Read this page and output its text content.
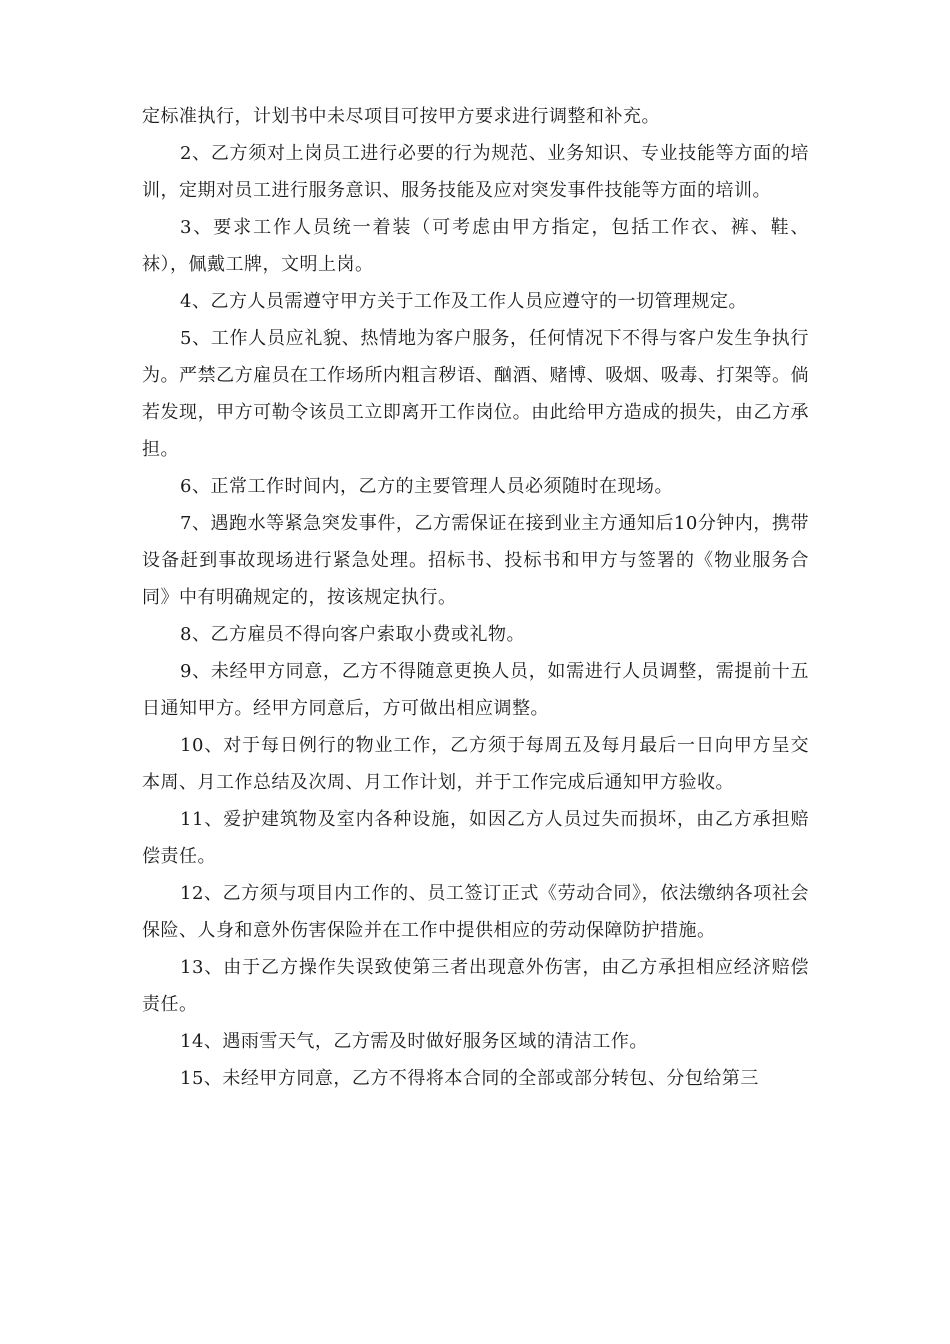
定标准执行，计划书中未尽项目可按甲方要求进行调整和补充。

2、乙方须对上岗员工进行必要的行为规范、业务知识、专业技能等方面的培训，定期对员工进行服务意识、服务技能及应对突发事件技能等方面的培训。

3、要求工作人员统一着装（可考虑由甲方指定，包括工作衣、裤、鞋、袜），佩戴工牌，文明上岗。

4、乙方人员需遵守甲方关于工作及工作人员应遵守的一切管理规定。

5、工作人员应礼貌、热情地为客户服务，任何情况下不得与客户发生争执行为。严禁乙方雇员在工作场所内粗言秽语、酗酒、赌博、吸烟、吸毒、打架等。倘若发现，甲方可勒令该员工立即离开工作岗位。由此给甲方造成的损失，由乙方承担。

6、正常工作时间内，乙方的主要管理人员必须随时在现场。

7、遇跑水等紧急突发事件，乙方需保证在接到业主方通知后10分钟内，携带设备赶到事故现场进行紧急处理。招标书、投标书和甲方与签署的《物业服务合同》中有明确规定的，按该规定执行。

8、乙方雇员不得向客户索取小费或礼物。

9、未经甲方同意，乙方不得随意更换人员，如需进行人员调整，需提前十五日通知甲方。经甲方同意后，方可做出相应调整。

10、对于每日例行的物业工作，乙方须于每周五及每月最后一日向甲方呈交本周、月工作总结及次周、月工作计划，并于工作完成后通知甲方验收。

11、爱护建筑物及室内各种设施，如因乙方人员过失而损坏，由乙方承担赔偿责任。

12、乙方须与项目内工作的、员工签订正式《劳动合同》，依法缴纳各项社会保险、人身和意外伤害保险并在工作中提供相应的劳动保障防护措施。

13、由于乙方操作失误致使第三者出现意外伤害，由乙方承担相应经济赔偿责任。

14、遇雨雪天气，乙方需及时做好服务区域的清洁工作。

15、未经甲方同意，乙方不得将本合同的全部或部分转包、分包给第三
